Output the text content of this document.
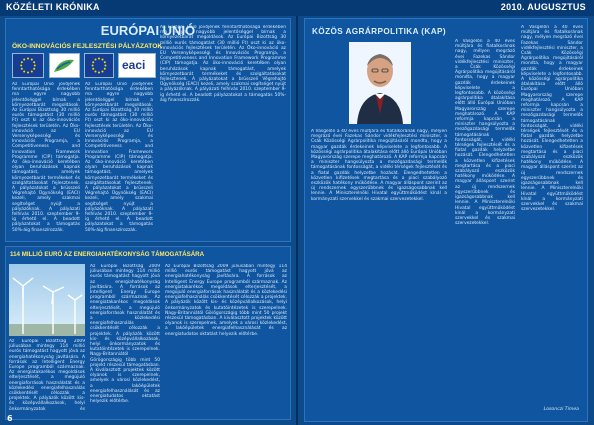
KÖZÉLETI KRÓNIKA	2010. AUGUSZTUS
EURÓPAI UNIÓ
ÖKO-INNOVÁCIÓS FEJLESZTÉSI PÁLYÁZATOK
eaci
Az Európai Unió jövőjének fenntarthatósága érdekében ma egyre nagyobb jelentőséggel bírnak a környezetbarát megoldások. Az Európai Bizottság 30 millió eurós támogatást (30 millió Ft) oszt ki az öko-innovációs fejlesztések területén. Az Öko-innováció az EU Versenyképességi és Innovációs Programja, a Competitiveness and Innovation Framework Programme (CIP) támogatja. Az öko-innováció keretében olyan beruházások kapnak támogatást, amelyek környezetbarát termékeket és szolgáltatásokat fejlesztenek. A pályázatokat a brüsszeli Végrehajtó Ügynökség (EACI) kezeli, amely szakmai segítséget nyújt a pályázóknak. A pályázati felhívás 2010. szeptember 9-ig érhető el. A beadott pályázatokat a támogatás 50%-áig finanszírozzák.
Az Európai Unió jövőjének fenntarthatósága érdekében ma egyre nagyobb jelentőséggel bírnak a környezetbarát megoldások. Az Európai Bizottság 30 millió eurós támogatást (30 millió Ft) oszt ki az öko-innovációs fejlesztések területén. Az Öko-innováció az EU Versenyképességi és Innovációs Programja, a Competitiveness and Innovation Framework Programme (CIP) támogatja. Az öko-innováció keretében olyan beruházások kapnak támogatást, amelyek környezetbarát termékeket és szolgáltatásokat fejlesztenek. A pályázatokat a brüsszeli Végrehajtó Ügynökség (EACI) kezeli, amely szakmai segítséget nyújt a pályázóknak. A pályázati felhívás 2010. szeptember 9-ig érhető el. A beadott pályázatokat a támogatás 50%-áig finanszírozzák.
Az Európai Unió jövőjének fenntarthatósága érdekében ma egyre nagyobb jelentőséggel bírnak a környezetbarát megoldások. Az Európai Bizottság 30 millió eurós támogatást (30 millió Ft) oszt ki az öko-innovációs fejlesztések területén. Az Öko-innováció az EU Versenyképességi és Innovációs Programja, a Competitiveness and Innovation Framework Programme (CIP) támogatja. Az öko-innováció keretében olyan beruházások kapnak támogatást, amelyek környezetbarát termékeket és szolgáltatásokat fejlesztenek. A pályázatokat a brüsszeli Végrehajtó Ügynökség (EACI) kezeli, amely szakmai segítséget nyújt a pályázóknak. A pályázati felhívás 2010. szeptember 9-ig érhető el. A beadott pályázatokat a támogatás 50%-áig finanszírozzák.
114 MILLIÓ EURÓ AZ ENERGIAHATÉKONYSÁG TÁMOGATÁSÁRA
Az Európai Bizottság 2009 júliusában mintegy 114 millió eurós támogatást hagyott jóvá az energiahatékonyság javítására. A források az Intelligent Energy Europe programból származnak. Az energiatakarékos megoldások elterjesztését, a megújuló energiaforrások használatát és a közlekedési energiafelhasználás csökkentését célozzák a projektek. A pályázók között kis- és középvállalkozások, helyi önkormányzatok és
Az Európai Bizottság 2009 júliusában mintegy 114 millió eurós támogatást hagyott jóvá az energiahatékonyság javítására. A források az Intelligent Energy Europe programból származnak. Az energiatakarékos megoldások elterjesztését, a megújuló energiaforrások használatát és a közlekedési energiafelhasználás csökkentését célozzák a projektek. A pályázók között kis- és középvállalkozások, helyi önkormányzatok és kutatóintézetek is szerepelnek. Nagy-Britanniától Görögországig több mint 50 projekt részesül támogatásban. A kiválasztott projektek között olyanok is szerepelnek, amelyek a városi közlekedést, a lakóépületek energiafelhasználását és az energiatudatos oktatást helyezik előtérbe.
Az Európai Bizottság 2009 júliusában mintegy 114 millió eurós támogatást hagyott jóvá az energiahatékonyság javítására. A források az Intelligent Energy Europe programból származnak. Az energiatakarékos megoldások elterjesztését, a megújuló energiaforrások használatát és a közlekedési energiafelhasználás csökkentését célozzák a projektek. A pályázók között kis- és középvállalkozások, helyi önkormányzatok és kutatóintézetek is szerepelnek. Nagy-Britanniától Görögországig több mint 50 projekt részesül támogatásban. A kiválasztott projektek között olyanok is szerepelnek, amelyek a városi közlekedést, a lakóépületek energiafelhasználását és az energiatudatos oktatást helyezik előtérbe.
6
KÖZÖS AGRÁRPOLITIKA (KAP)
A Vasgelőn a 40 éves múltjára és fiatalkorának nagy, mélyen megrázó évei Fazekas Sándor vidékfejlesztési miniszter, a Csák Közösségi Agrárpolitika megújításáról mondta, hogy a magyar gazdák érdekeinek képviselete a legfontosabb. A közösségi agrárpolitika átalakítása előtt álló Európai Unióban Magyarország szerepe meghatározó. A KAP reformja kapcsán a miniszter hangsúlyozta a mezőgazdasági termelők támogatásának fontosságát, a vidéki térségek fejlesztését és a fiatal gazdák helyzetbe hozását. Elengedhetetlen a közvetlen kifizetések megtartása és a piaci szabályozó eszközök hatékony működése. A magyar álláspont szerint az új rendszernek egyszerűbbnek és igazságosabbnak kell lennie. A Miniszterelnöki Hivatal együttműködést kínál a kormányzati szervekkel és szakmai szervezetekkel.
A Vasgelőn a 40 éves múltjára és fiatalkorának nagy, mélyen megrázó évei Fazekas Sándor vidékfejlesztési miniszter, a Csák Közösségi Agrárpolitika megújításáról mondta, hogy a magyar gazdák érdekeinek képviselete a legfontosabb. A közösségi agrárpolitika átalakítása előtt álló Európai Unióban Magyarország szerepe meghatározó. A KAP reformja kapcsán a miniszter hangsúlyozta a mezőgazdasági termelők támogatásának fontosságát, a vidéki térségek fejlesztését és a fiatal gazdák helyzetbe hozását. Elengedhetetlen a közvetlen kifizetések megtartása és a piaci szabályozó eszközök hatékony működése. A magyar álláspont szerint az új rendszernek egyszerűbbnek és igazságosabbnak kell lennie. A Miniszterelnöki Hivatal együttműködést kínál a kormányzati szervekkel és szakmai szervezetekkel.
A Vasgelőn a 40 éves múltjára és fiatalkorának nagy, mélyen megrázó évei Fazekas Sándor vidékfejlesztési miniszter, a Csák Közösségi Agrárpolitika megújításáról mondta, hogy a magyar gazdák érdekeinek képviselete a legfontosabb. A közösségi agrárpolitika átalakítása előtt álló Európai Unióban Magyarország szerepe meghatározó. A KAP reformja kapcsán a miniszter hangsúlyozta a mezőgazdasági termelők támogatásának fontosságát, a vidéki térségek fejlesztését és a fiatal gazdák helyzetbe hozását. Elengedhetetlen a közvetlen kifizetések megtartása és a piaci szabályozó eszközök hatékony működése. A magyar álláspont szerint az új rendszernek egyszerűbbnek és igazságosabbnak kell lennie. A Miniszterelnöki Hivatal együttműködést kínál a kormányzati szervekkel és szakmai szervezetekkel.
Losonczi Tímea
